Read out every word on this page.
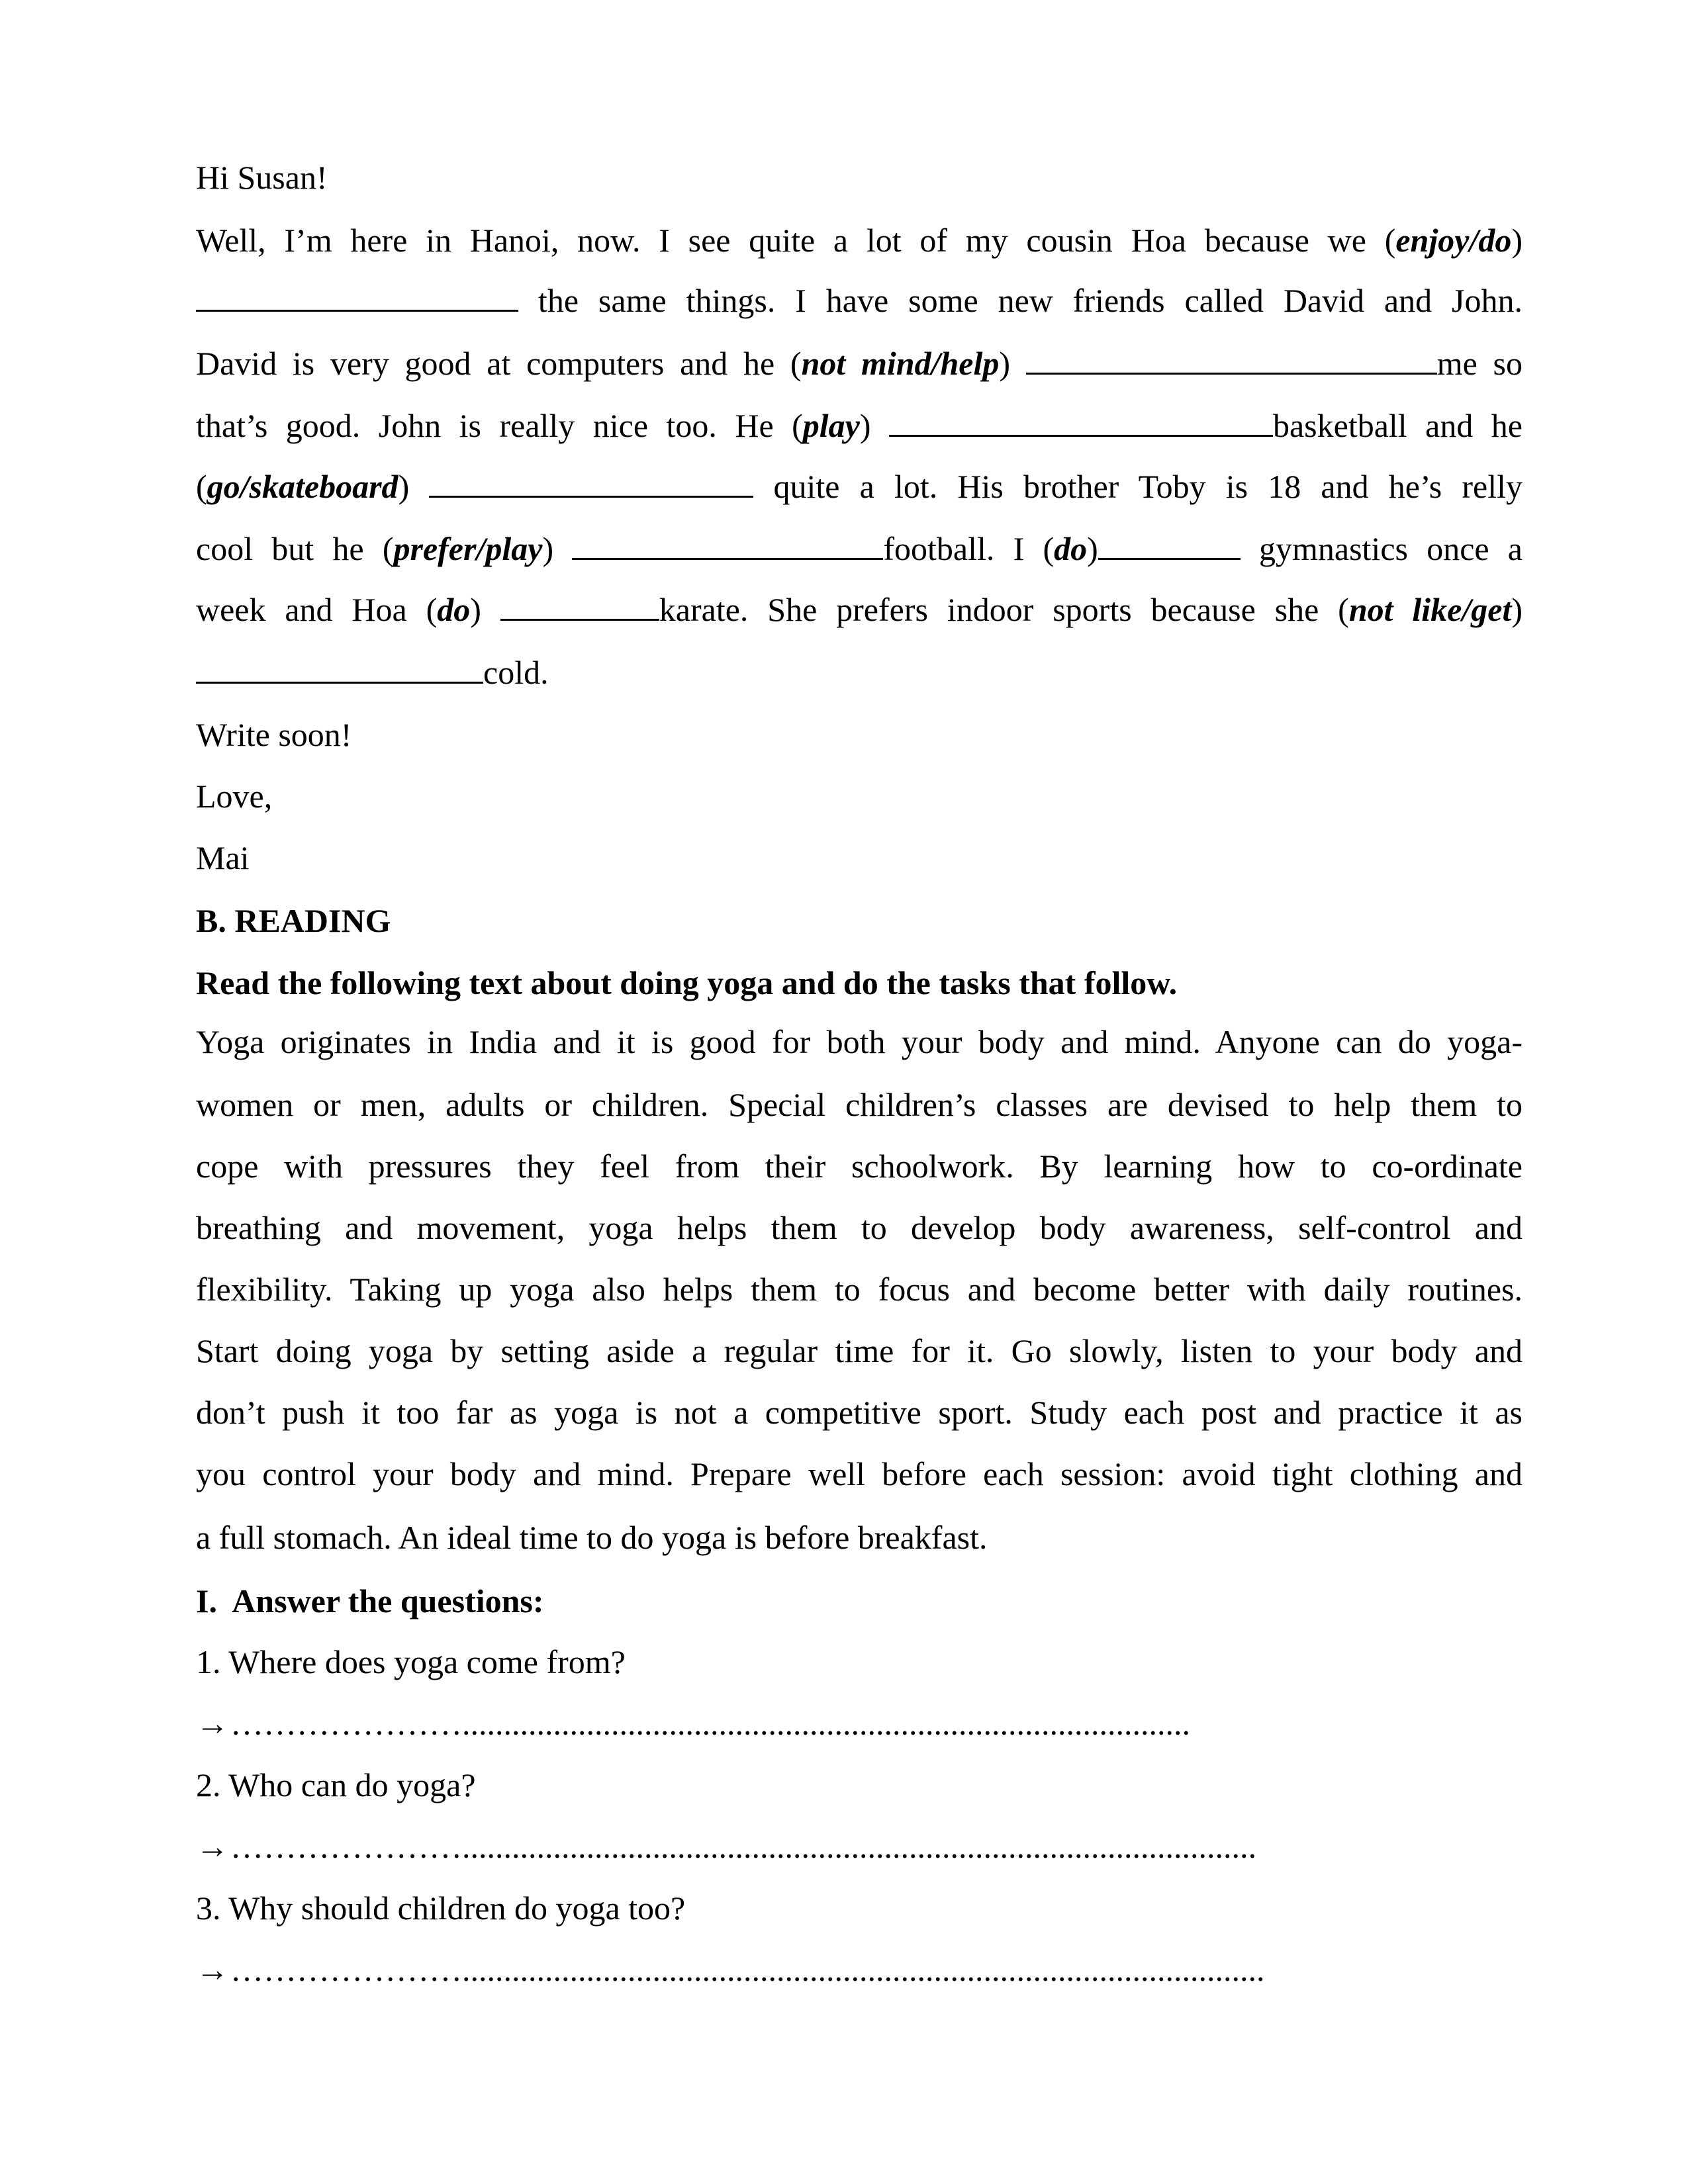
Hi Susan!
Well, I’m here in Hanoi, now. I see quite a lot of my cousin Hoa because we (enjoy/do)
the same things. I have some new friends called David and John.
David is very good at computers and he (not mind/help)	me so
that’s good. John is really nice too. He (play)	basketball and he
(go/skateboard)	quite a lot. His brother Toby is 18 and he’s relly
cool but he (prefer/play)	football. I (do)	gymnastics once a
week and Hoa (do)	karate. She prefers indoor sports because she (not like/get)
cold.
Write soon!
Love,
Mai
B. READING
Read the following text about doing yoga and do the tasks that follow.
Yoga originates in India and it is good for both your body and mind. Anyone can do yoga-
women or men, adults or children. Special children’s classes are devised to help them to
cope with pressures they feel from their schoolwork. By learning how to co-ordinate
breathing and movement, yoga helps them to develop body awareness, self-control and
flexibility. Taking up yoga also helps them to focus and become better with daily routines.
Start doing yoga by setting aside a regular time for it. Go slowly, listen to your body and
don’t push it too far as yoga is not a competitive sport. Study each post and practice it as
you control your body and mind. Prepare well before each session: avoid tight clothing and
a full stomach. An ideal time to do yoga is before breakfast.
I.  Answer the questions:
1. Where does yoga come from?
→…………………........................................................................................
2. Who can do yoga?
→…………………................................................................................................
3. Why should children do yoga too?
→………………….................................................................................................
